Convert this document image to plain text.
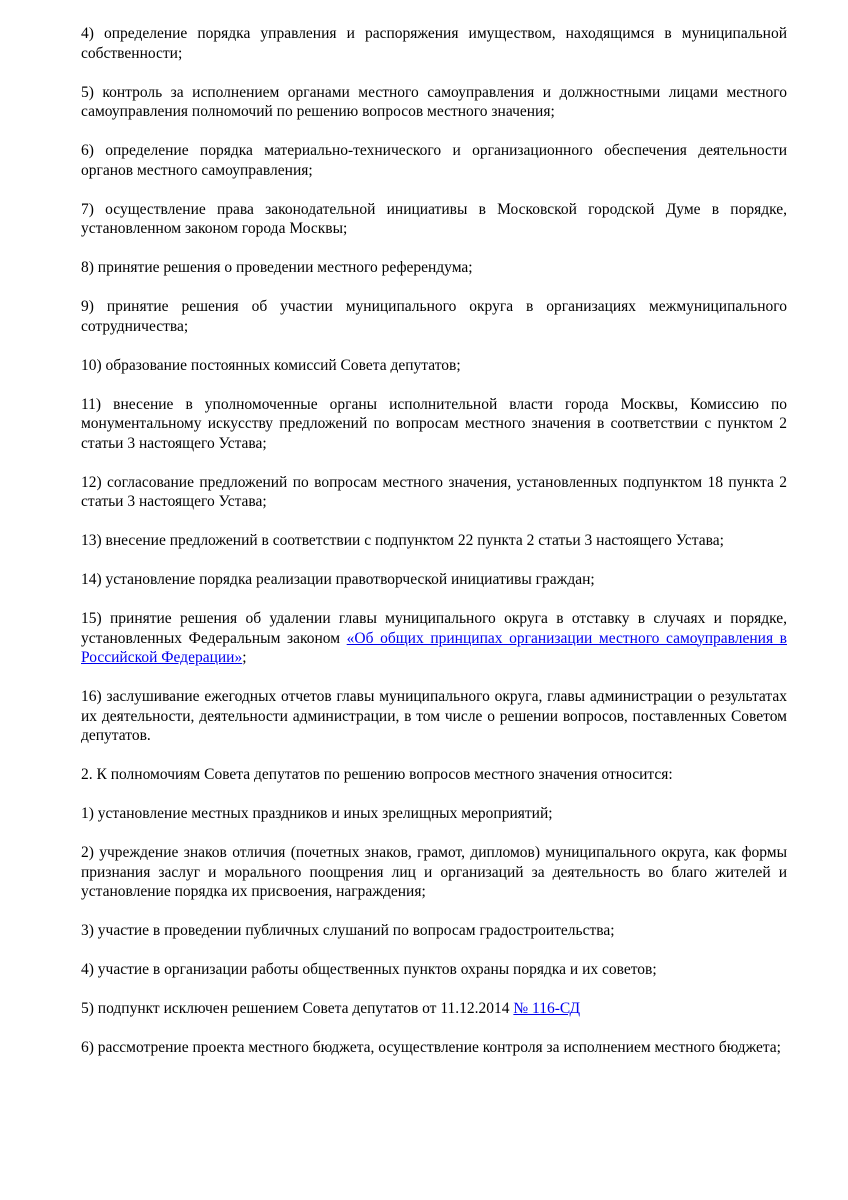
4) определение порядка управления и распоряжения имуществом, находящимся в муниципальной собственности;

5) контроль за исполнением органами местного самоуправления и должностными лицами местного самоуправления полномочий по решению вопросов местного значения;

6) определение порядка материально-технического и организационного обеспечения деятельности органов местного самоуправления;

7) осуществление права законодательной инициативы в Московской городской Думе в порядке, установленном законом города Москвы;

8) принятие решения о проведении местного референдума;

9) принятие решения об участии муниципального округа в организациях межмуниципального сотрудничества;

10) образование постоянных комиссий Совета депутатов;

11) внесение в уполномоченные органы исполнительной власти города Москвы, Комиссию по монументальному искусству предложений по вопросам местного значения в соответствии с пунктом 2 статьи 3 настоящего Устава;

12) согласование предложений по вопросам местного значения, установленных подпунктом 18 пункта 2 статьи 3 настоящего Устава;

13) внесение предложений в соответствии с подпунктом 22 пункта 2 статьи 3 настоящего Устава;

14) установление порядка реализации правотворческой инициативы граждан;

15) принятие решения об удалении главы муниципального округа в отставку в случаях и порядке, установленных Федеральным законом «Об общих принципах организации местного самоуправления в Российской Федерации»;

16) заслушивание ежегодных отчетов главы муниципального округа, главы администрации о результатах их деятельности, деятельности администрации, в том числе о решении вопросов, поставленных Советом депутатов.

2. К полномочиям Совета депутатов по решению вопросов местного значения относится:

1) установление местных праздников и иных зрелищных мероприятий;

2) учреждение знаков отличия (почетных знаков, грамот, дипломов) муниципального округа, как формы признания заслуг и морального поощрения лиц и организаций за деятельность во благо жителей и установление порядка их присвоения, награждения;

3) участие в проведении публичных слушаний по вопросам градостроительства;

4) участие в организации работы общественных пунктов охраны порядка и их советов;

5) подпункт исключен решением Совета депутатов от 11.12.2014 № 116-СД

6) рассмотрение проекта местного бюджета, осуществление контроля за исполнением местного бюджета;
